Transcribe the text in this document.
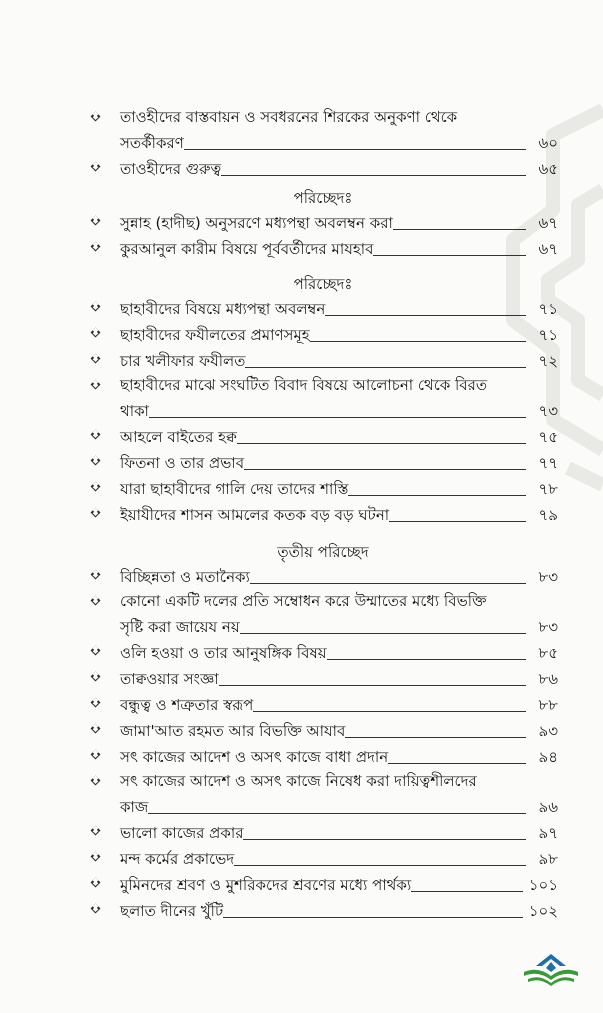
তাওহীদের বাস্তবায়ন ও সবধরনের শিরকের অনুকণা থেকে
সতর্কীকরণ	৬০
তাওহীদের গুরুত্ব	৬৫
পরিচ্ছেদঃ
সুন্নাহ (হাদীছ) অনুসরণে মধ্যপন্থা অবলম্বন করা	৬৭
কুরআনুল কারীম বিষয়ে পূর্ববর্তীদের মাযহাব	৬৭
পরিচ্ছেদঃ
ছাহাবীদের বিষয়ে মধ্যপন্থা অবলম্বন	৭১
ছাহাবীদের ফযীলতের প্রমাণসমূহ	৭১
চার খলীফার ফযীলত	৭২
ছাহাবীদের মাঝে সংঘটিত বিবাদ বিষয়ে আলোচনা থেকে বিরত
থাকা	৭৩
আহলে বাইতের হক্ব	৭৫
ফিতনা ও তার প্রভাব	৭৭
যারা ছাহাবীদের গালি দেয় তাদের শাস্তি	৭৮
ইয়াযীদের শাসন আমলের কতক বড় বড় ঘটনা	৭৯
তৃতীয় পরিচ্ছেদ
বিচ্ছিন্নতা ও মতানৈক্য	৮৩
কোনো একটি দলের প্রতি সম্বোধন করে উম্মাতের মধ্যে বিভক্তি
সৃষ্টি করা জায়েয নয়	৮৩
ওলি হওয়া ও তার আনুষঙ্গিক বিষয়	৮৫
তাক্বওয়ার সংজ্ঞা	৮৬
বন্ধুত্ব ও শত্রুতার স্বরূপ	৮৮
জামা'আত রহমত আর বিভক্তি আযাব	৯৩
সৎ কাজের আদেশ ও অসৎ কাজে বাধা প্রদান	৯৪
সৎ কাজের আদেশ ও অসৎ কাজে নিষেধ করা দায়িত্বশীলদের
কাজ	৯৬
ভালো কাজের প্রকার	৯৭
মন্দ কর্মের প্রকাভেদ	৯৮
মুমিনদের শ্রবণ ও মুশরিকদের শ্রবণের মধ্যে পার্থক্য	১০১
ছলাত দীনের খুঁটি	১০২
